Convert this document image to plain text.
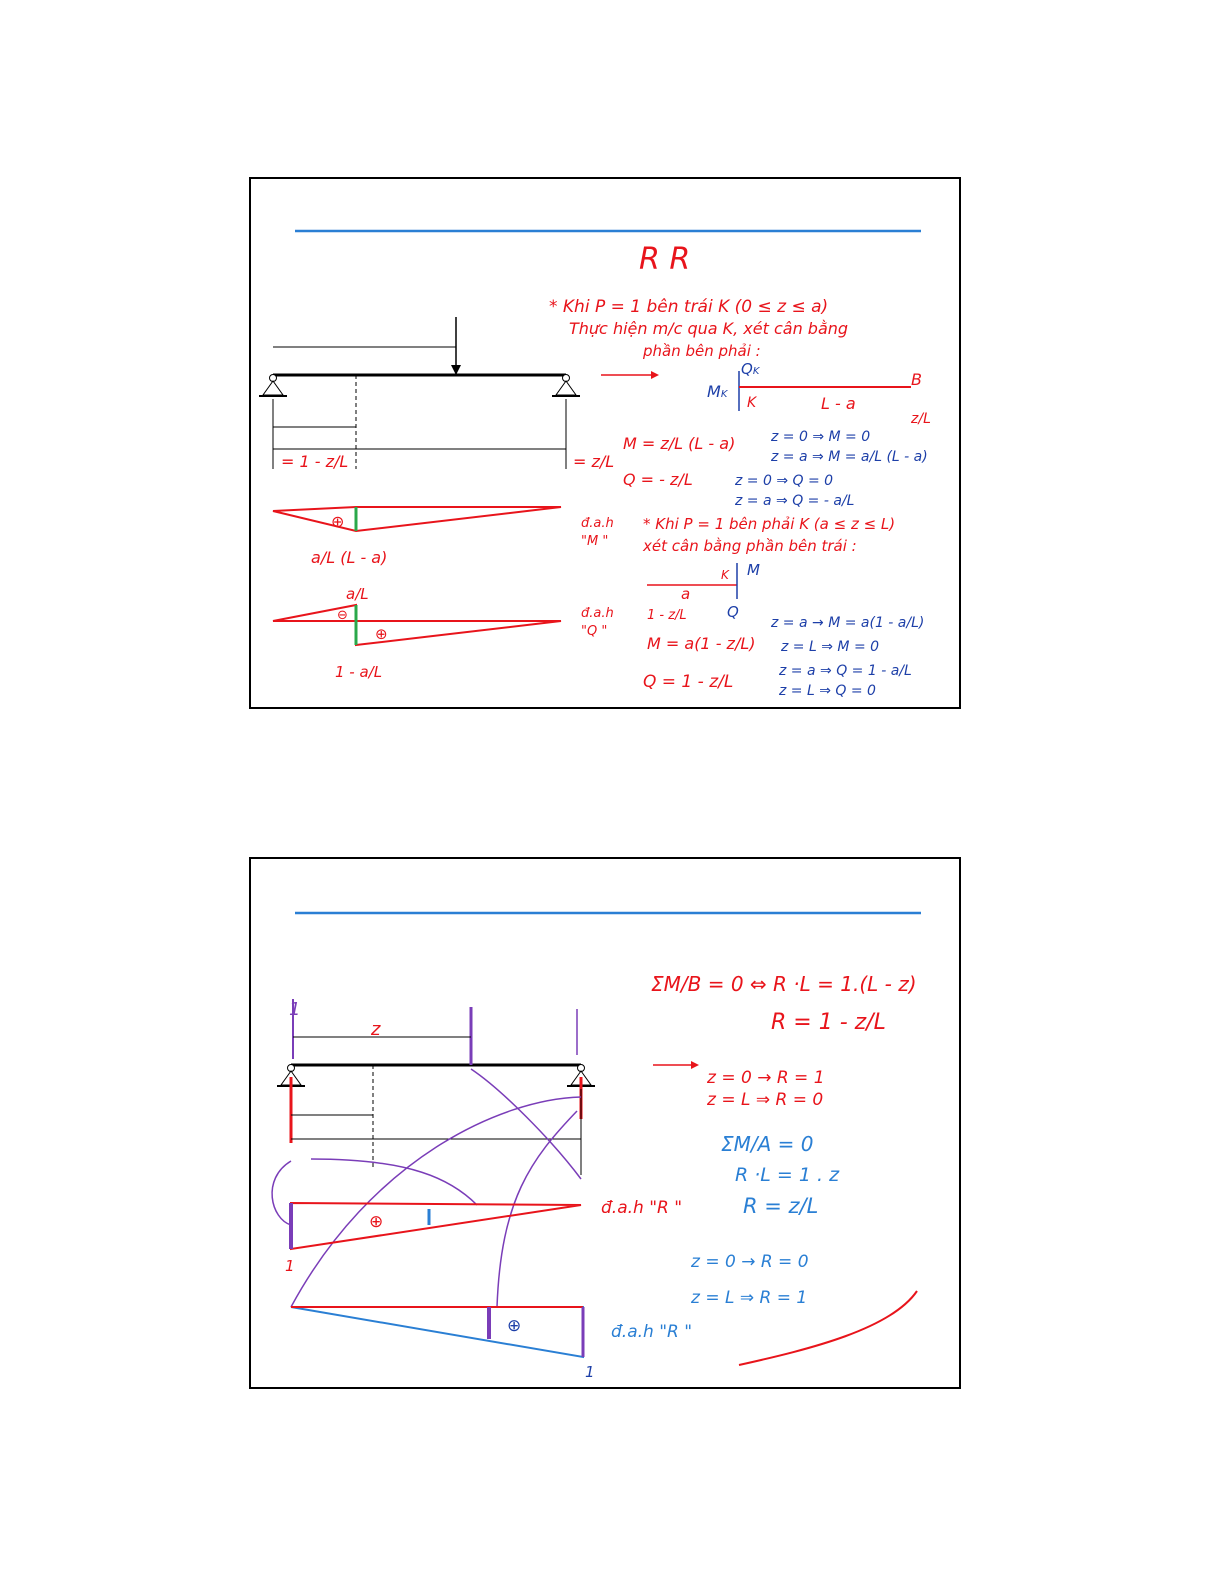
R R
= 1 - z/L	= z/L
⊕
a/L (L - a)
đ.a.h
"M "
a/L
⊖
⊕
1 - a/L
đ.a.h
"Q "
* Khi P = 1 bên trái K (0 ≤ z ≤ a)
Thực hiện m/c qua K, xét cân bằng
phần bên phải :
QK
MK
K	L - a
B
z/L
M = z/L (L - a)	z = 0 ⇒ M = 0
z = a ⇒ M = a/L (L - a)
Q = - z/L	z = 0 ⇒ Q = 0
z = a ⇒ Q = - a/L
* Khi P = 1 bên phải K (a ≤ z ≤ L)
xét cân bằng phần bên trái :
K M
a
Q
1 - z/L	z = a → M = a(1 - a/L)
M = a(1 - z/L) z = L ⇒ M = 0
Q = 1 - z/L
z = a ⇒ Q = 1 - a/L
z = L ⇒ Q = 0
1
z
⊕
1
đ.a.h "R "
⊕
1
đ.a.h "R "
ΣM/B = 0 ⇔ R ·L = 1.(L - z)
R = 1 - z/L
z = 0 → R = 1
z = L ⇒ R = 0
ΣM/A = 0
R ·L = 1 . z
R = z/L
z = 0 → R = 0
z = L ⇒ R = 1
